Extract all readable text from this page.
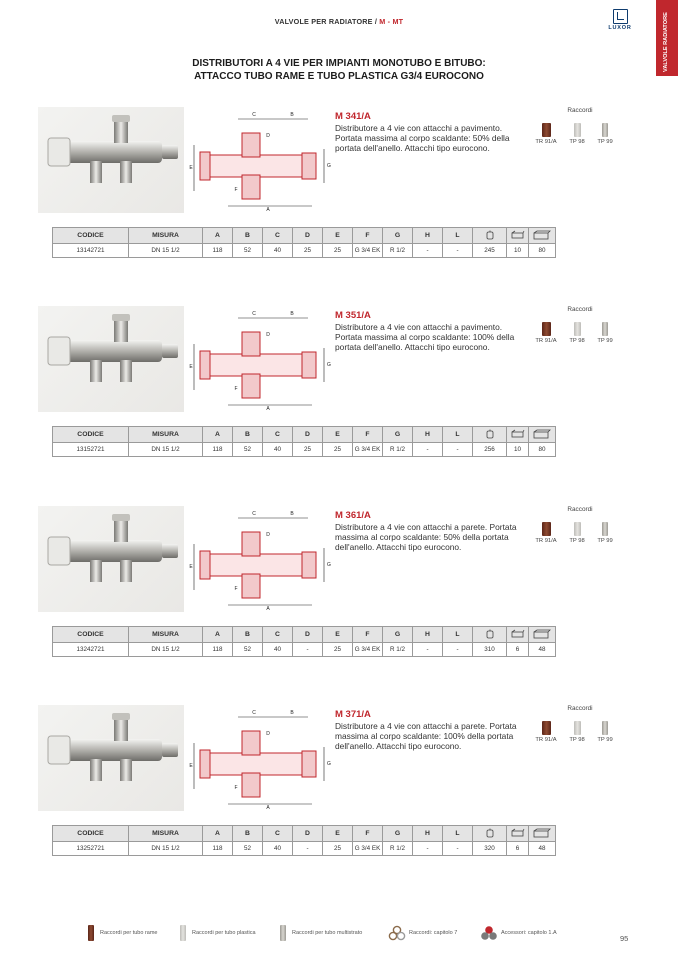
VALVOLE PER RADIATORE / M - MT
LUXOR	VALVOLE RADIATORE
DISTRIBUTORI A 4 VIE PER IMPIANTI MONOTUBO E BITUBO:
ATTACCO TUBO RAME E TUBO PLASTICA G3/4 EUROCONO
C	B
A
E	G
D
F
M 341/A
Distributore a 4 vie con attacchi a pavimento. Portata massima al corpo scaldante: 50% della portata dell'anello. Attacchi tipo eurocono.
Raccordi
TR 91/A	TP 98	TP 99
CODICE	MISURA	A	B	C	D	E	F	G	H	L			
13142721	DN 15 1/2	118	52	40	25	25	G 3/4 EK	R 1/2	-	-	245	10	80
C	B
A
E	G
D
F
M 351/A
Distributore a 4 vie con attacchi a pavimento. Portata massima al corpo scaldante: 100% della portata dell'anello. Attacchi tipo eurocono.
Raccordi
TR 91/A	TP 98	TP 99
CODICE	MISURA	A	B	C	D	E	F	G	H	L			
13152721	DN 15 1/2	118	52	40	25	25	G 3/4 EK	R 1/2	-	-	256	10	80
C	B
A
E	G
D
F
M 361/A
Distributore a 4 vie con attacchi a parete. Portata massima al corpo scaldante: 50% della portata dell'anello. Attacchi tipo eurocono.
Raccordi
TR 91/A	TP 98	TP 99
CODICE	MISURA	A	B	C	D	E	F	G	H	L			
13242721	DN 15 1/2	118	52	40	-	25	G 3/4 EK	R 1/2	-	-	310	6	48
C	B
A
E	G
D
F
M 371/A
Distributore a 4 vie con attacchi a parete. Portata massima al corpo scaldante: 100% della portata dell'anello. Attacchi tipo eurocono.
Raccordi
TR 91/A	TP 98	TP 99
CODICE	MISURA	A	B	C	D	E	F	G	H	L			
13252721	DN 15 1/2	118	52	40	-	25	G 3/4 EK	R 1/2	-	-	320	6	48
Raccordi per tubo rame	Raccordi per tubo plastica	Raccordi per tubo multistrato	Raccordi: capitolo 7	Accessori: capitolo 1.A
95
